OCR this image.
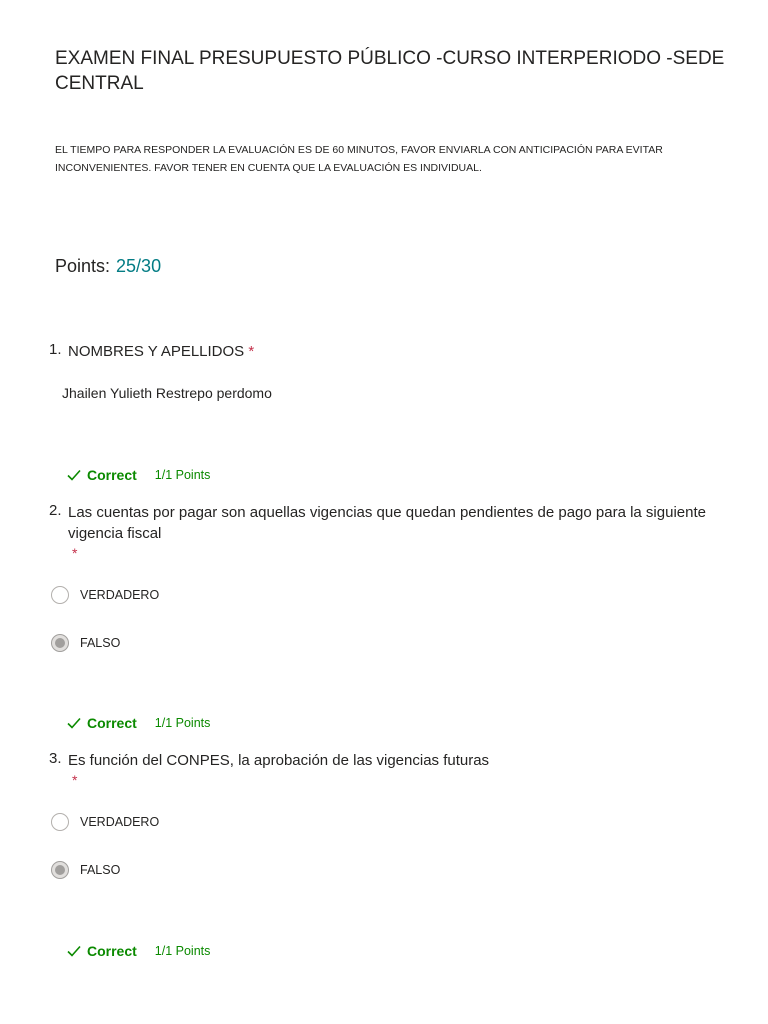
EXAMEN FINAL PRESUPUESTO PÚBLICO -CURSO INTERPERIODO -SEDE CENTRAL

EL TIEMPO PARA RESPONDER LA EVALUACIÓN ES DE 60 MINUTOS, FAVOR ENVIARLA CON ANTICIPACIÓN PARA EVITAR INCONVENIENTES. FAVOR TENER EN CUENTA QUE LA EVALUACIÓN ES INDIVIDUAL.

Points: 25/30
1. NOMBRES Y APELLIDOS *
Jhailen Yulieth Restrepo perdomo
Correct 1/1 Points
2. Las cuentas por pagar son aquellas vigencias que quedan pendientes de pago para la siguiente vigencia fiscal
*
VERDADERO
FALSO
Correct 1/1 Points
3. Es función del CONPES, la aprobación de las vigencias futuras
*
VERDADERO
FALSO
Correct 1/1 Points
